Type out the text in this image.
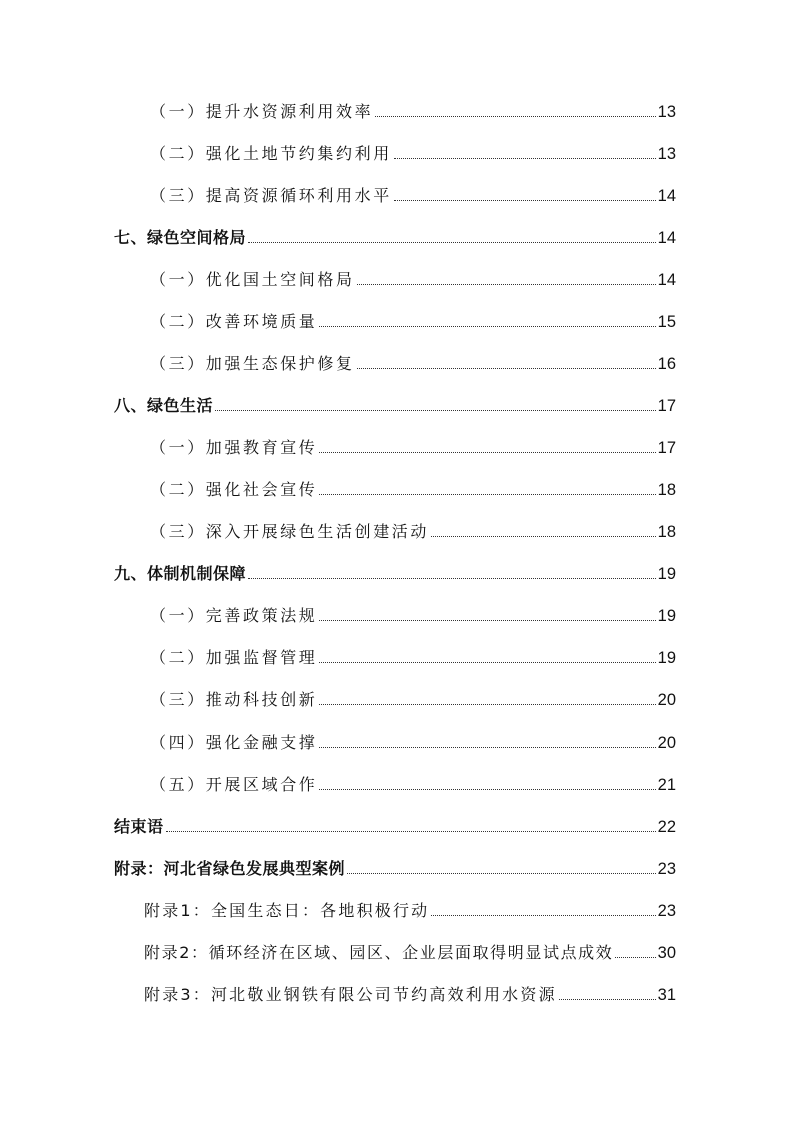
（一）提升水资源利用效率	13
（二）强化土地节约集约利用	13
（三）提高资源循环利用水平	14
七、绿色空间格局	14
（一）优化国土空间格局	14
（二）改善环境质量	15
（三）加强生态保护修复	16
八、绿色生活	17
（一）加强教育宣传	17
（二）强化社会宣传	18
（三）深入开展绿色生活创建活动	18
九、体制机制保障	19
（一）完善政策法规	19
（二）加强监督管理	19
（三）推动科技创新	20
（四）强化金融支撑	20
（五）开展区域合作	21
结束语	22
附录：河北省绿色发展典型案例	23
附录1：全国生态日：各地积极行动	23
附录2：循环经济在区域、园区、企业层面取得明显试点成效	30
附录3：河北敬业钢铁有限公司节约高效利用水资源	31
